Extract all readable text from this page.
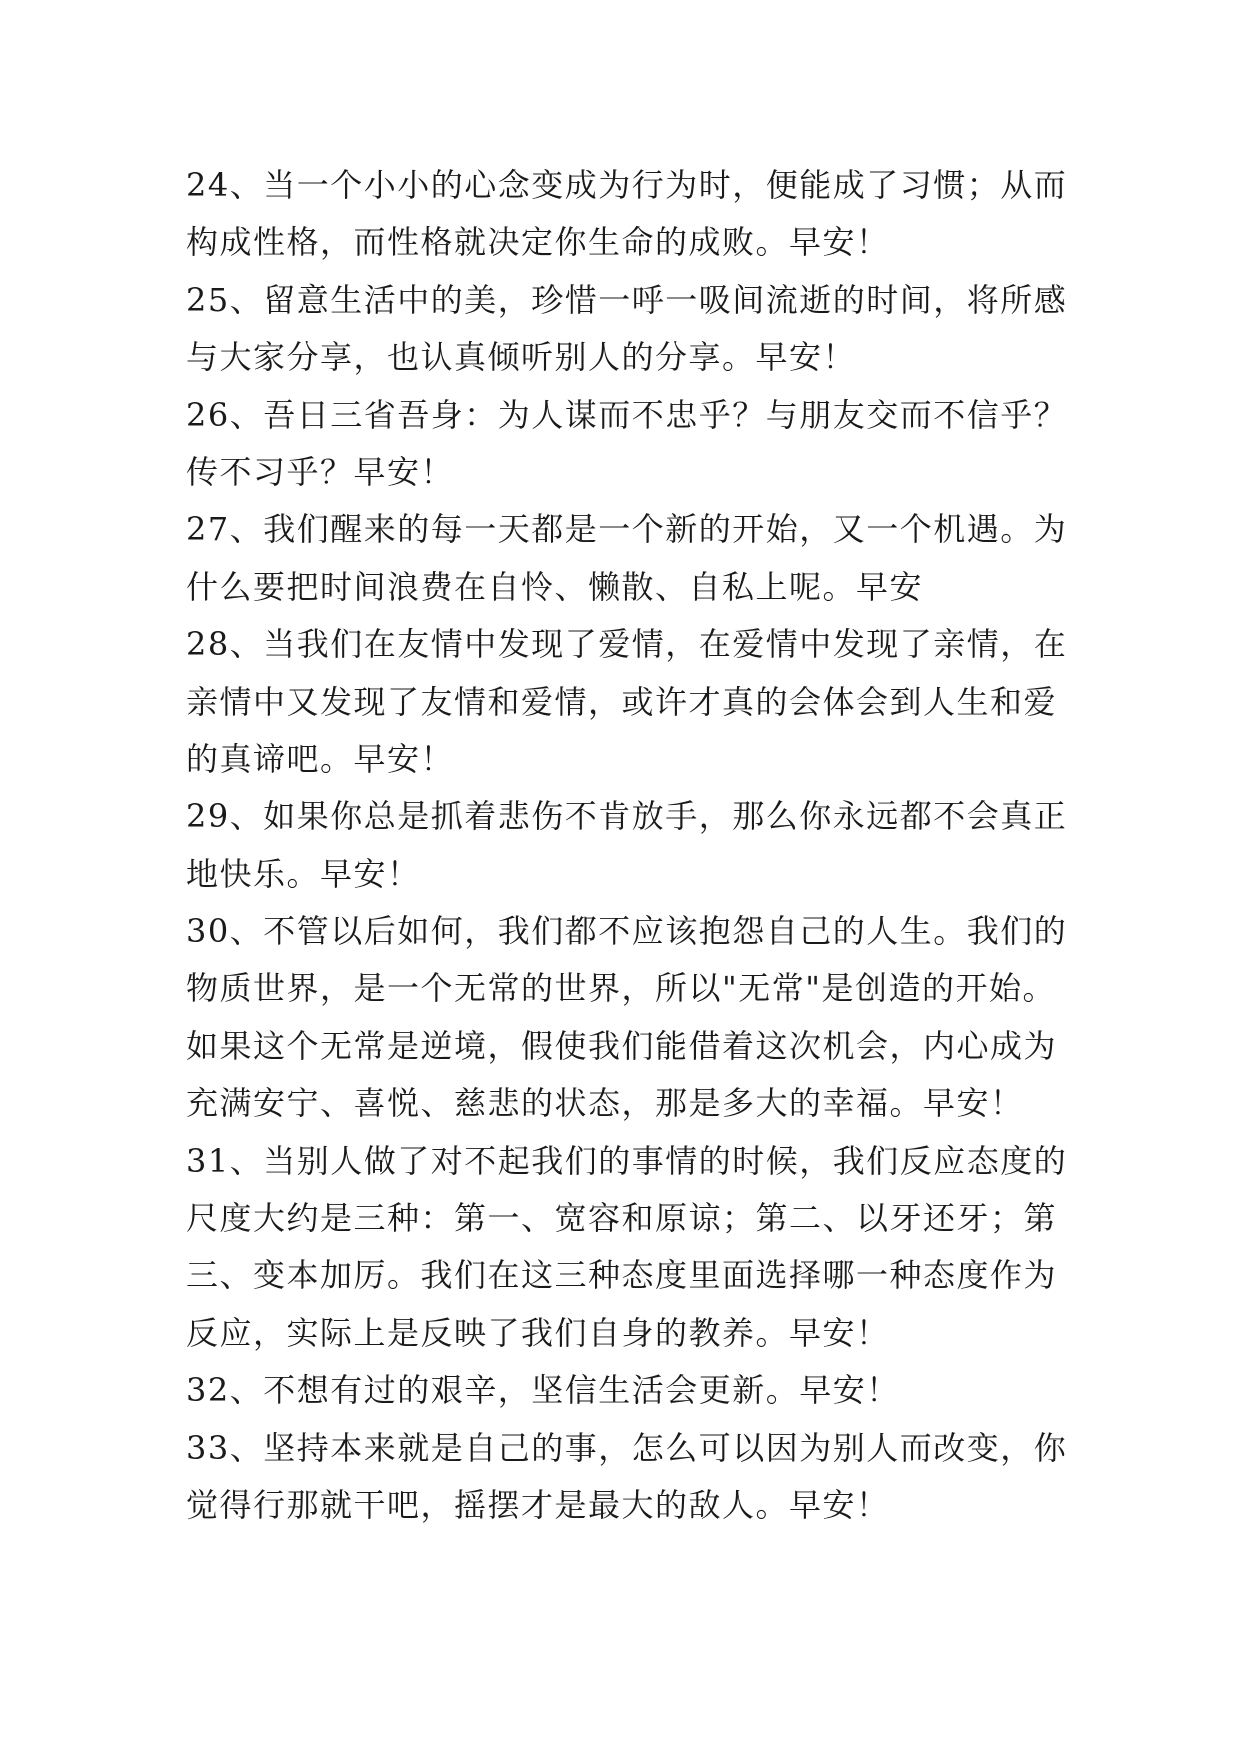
24、当一个小小的心念变成为行为时，便能成了习惯；从而
构成性格，而性格就决定你生命的成败。早安！
25、留意生活中的美，珍惜一呼一吸间流逝的时间，将所感
与大家分享，也认真倾听别人的分享。早安！
26、吾日三省吾身：为人谋而不忠乎？与朋友交而不信乎？
传不习乎？早安！
27、我们醒来的每一天都是一个新的开始，又一个机遇。为
什么要把时间浪费在自怜、懒散、自私上呢。早安
28、当我们在友情中发现了爱情，在爱情中发现了亲情，在
亲情中又发现了友情和爱情，或许才真的会体会到人生和爱
的真谛吧。早安！
29、如果你总是抓着悲伤不肯放手，那么你永远都不会真正
地快乐。早安！
30、不管以后如何，我们都不应该抱怨自己的人生。我们的
物质世界，是一个无常的世界，所以"无常"是创造的开始。
如果这个无常是逆境，假使我们能借着这次机会，内心成为
充满安宁、喜悦、慈悲的状态，那是多大的幸福。早安！
31、当别人做了对不起我们的事情的时候，我们反应态度的
尺度大约是三种：第一、宽容和原谅；第二、以牙还牙；第
三、变本加厉。我们在这三种态度里面选择哪一种态度作为
反应，实际上是反映了我们自身的教养。早安！
32、不想有过的艰辛，坚信生活会更新。早安！
33、坚持本来就是自己的事，怎么可以因为别人而改变，你
觉得行那就干吧，摇摆才是最大的敌人。早安！
